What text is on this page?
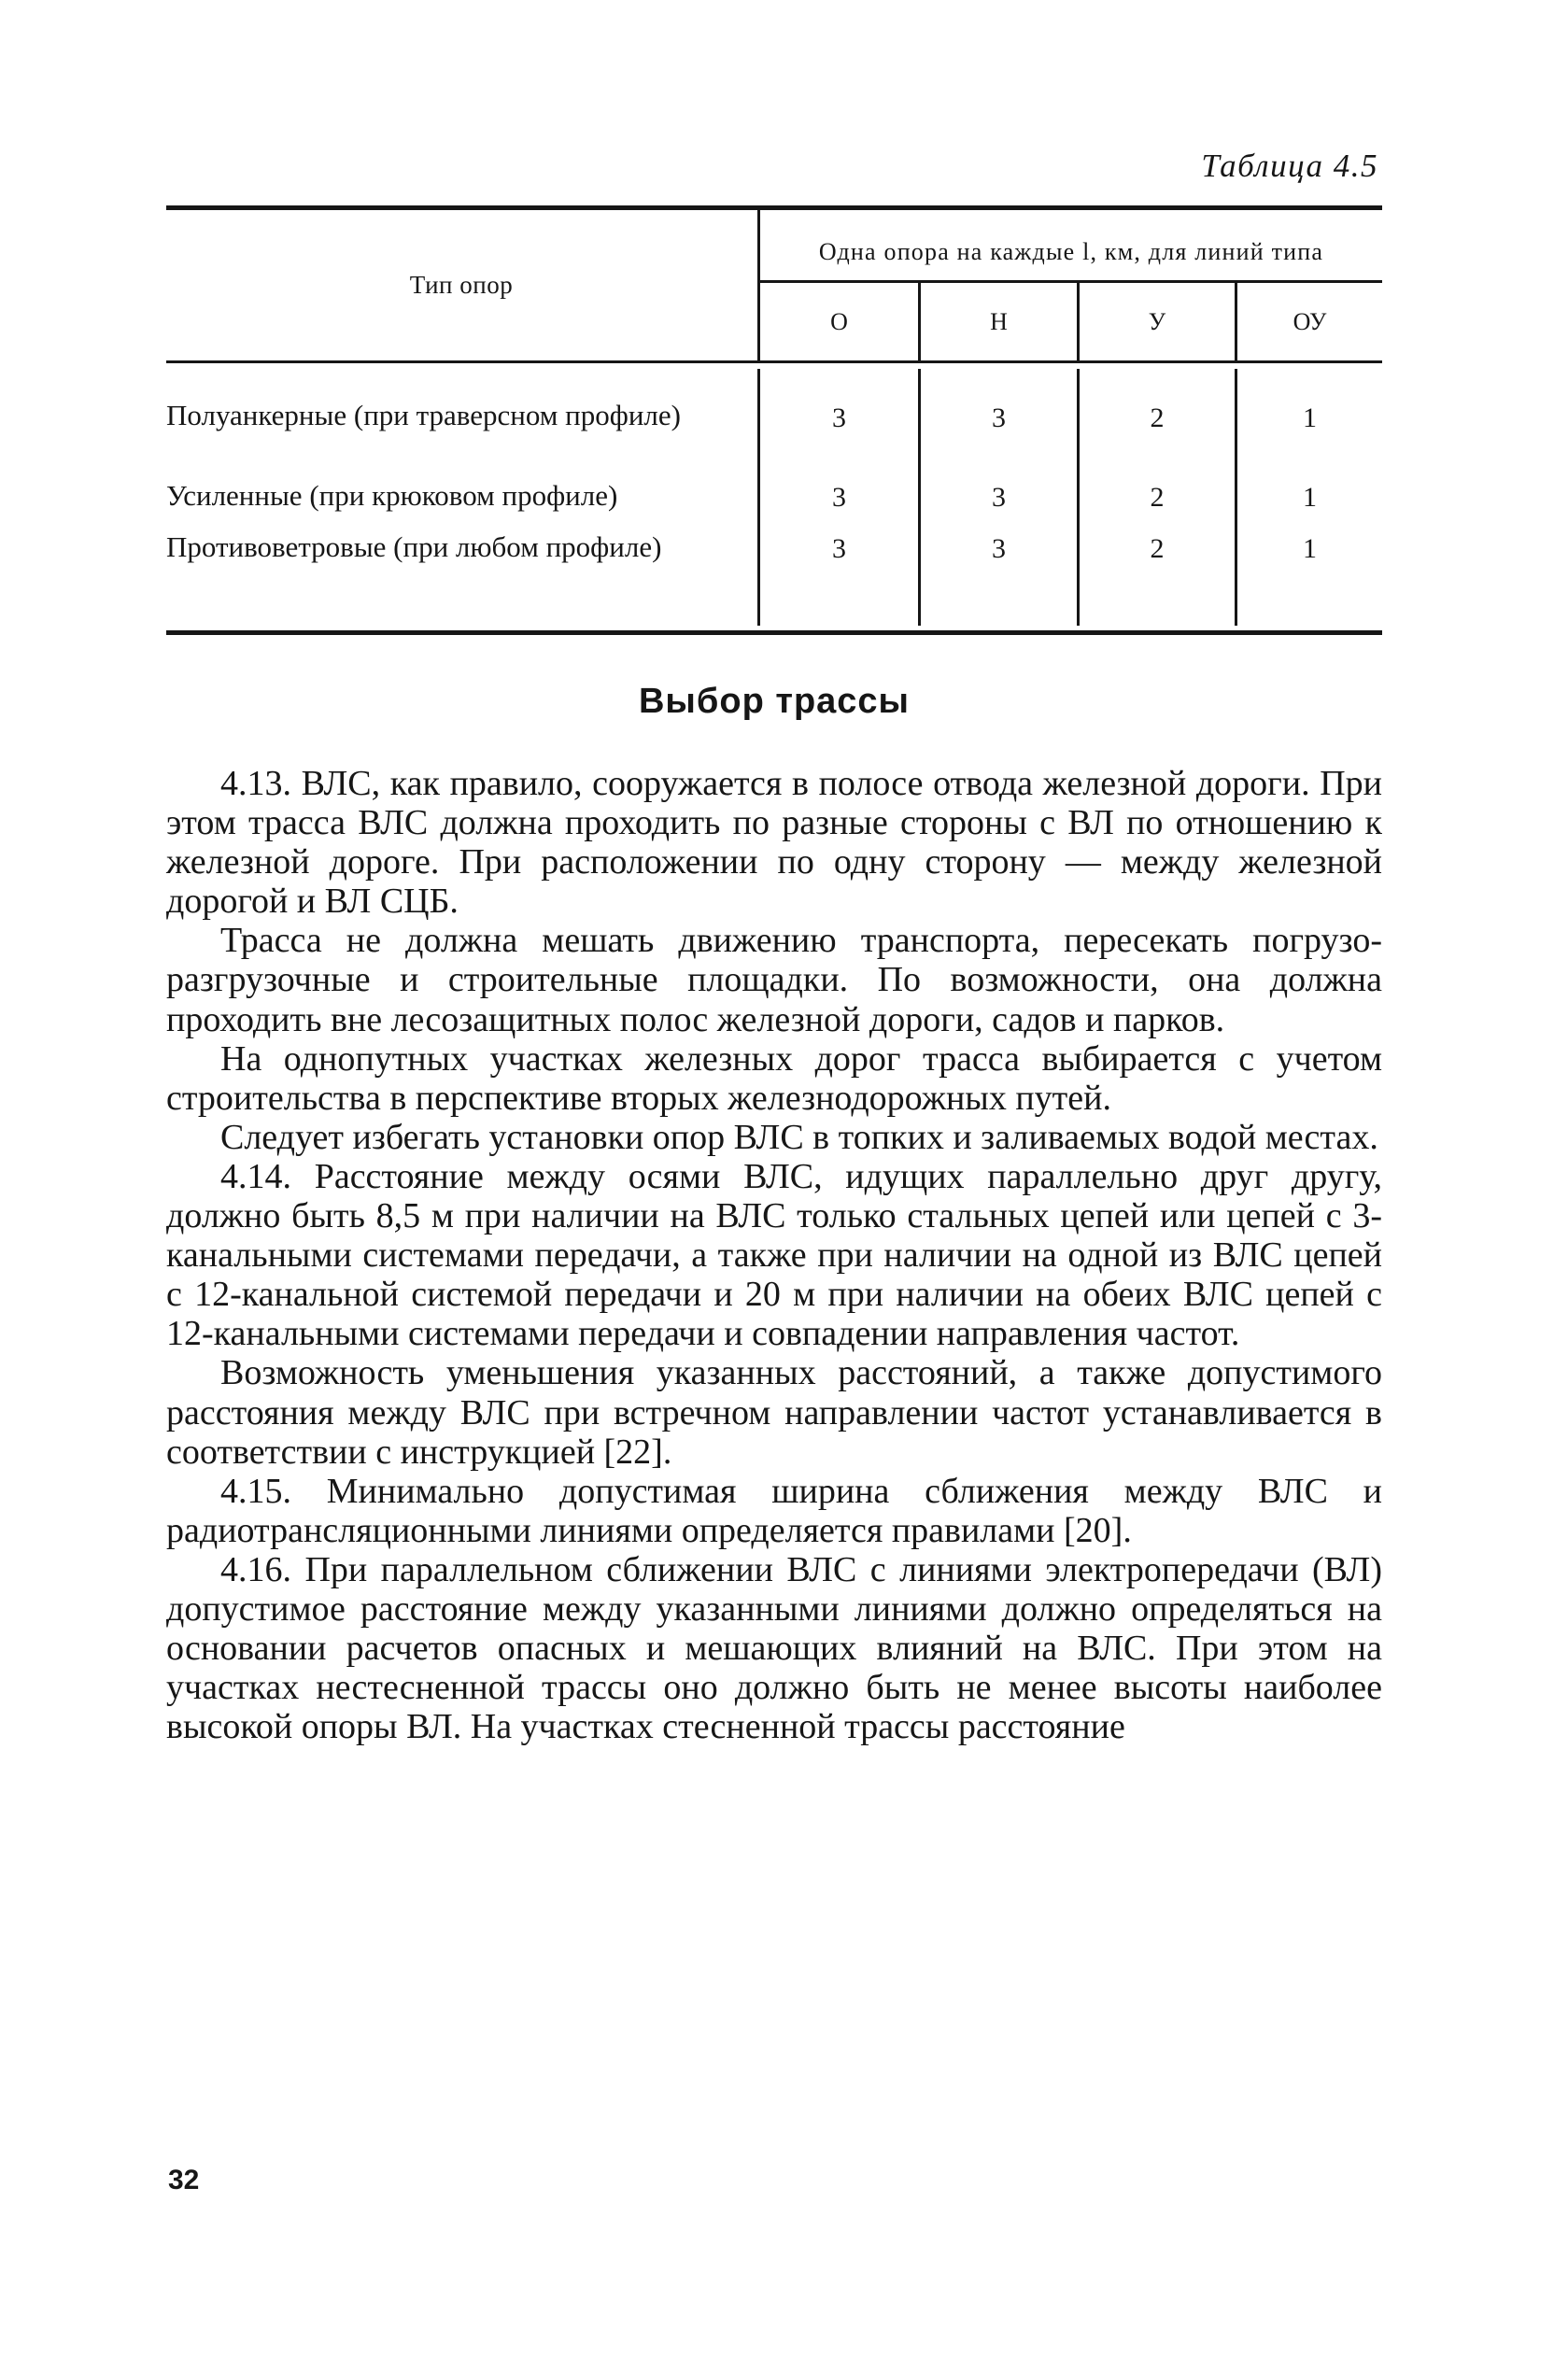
Таблица 4.5
Тип опор
Одна опора на каждые l, км, для линий типа
О	Н	У	ОУ
Полуанкерные (при траверсном профиле)	3	3	2	1
Усиленные (при крюковом профиле)	3	3	2	1
Противоветровые (при любом профиле)	3	3	2	1
Выбор трассы

4.13. ВЛС, как правило, сооружается в полосе отвода железной дороги. При этом трасса ВЛС должна проходить по разные стороны с ВЛ по отношению к железной дороге. При расположении по одну сторону — между железной дорогой и ВЛ СЦБ.

Трасса не должна мешать движению транспорта, пересекать погрузо-разгрузочные и строительные площадки. По возможности, она должна проходить вне лесозащитных полос железной дороги, садов и парков.

На однопутных участках железных дорог трасса выбирается с учетом строительства в перспективе вторых железнодорожных путей.

Следует избегать установки опор ВЛС в топких и заливаемых водой местах.

4.14. Расстояние между осями ВЛС, идущих параллельно друг другу, должно быть 8,5 м при наличии на ВЛС только стальных цепей или цепей с 3-канальными системами передачи, а также при наличии на одной из ВЛС цепей с 12-канальной системой передачи и 20 м при наличии на обеих ВЛС цепей с 12-канальными системами передачи и совпадении направления частот.

Возможность уменьшения указанных расстояний, а также допустимого расстояния между ВЛС при встречном направлении частот устанавливается в соответствии с инструкцией [22].

4.15. Минимально допустимая ширина сближения между ВЛС и радиотрансляционными линиями определяется правилами [20].

4.16. При параллельном сближении ВЛС с линиями электропередачи (ВЛ) допустимое расстояние между указанными линиями должно определяться на основании расчетов опасных и мешающих влияний на ВЛС. При этом на участках нестесненной трассы оно должно быть не менее высоты наиболее высокой опоры ВЛ. На участках стесненной трассы расстояние

32
